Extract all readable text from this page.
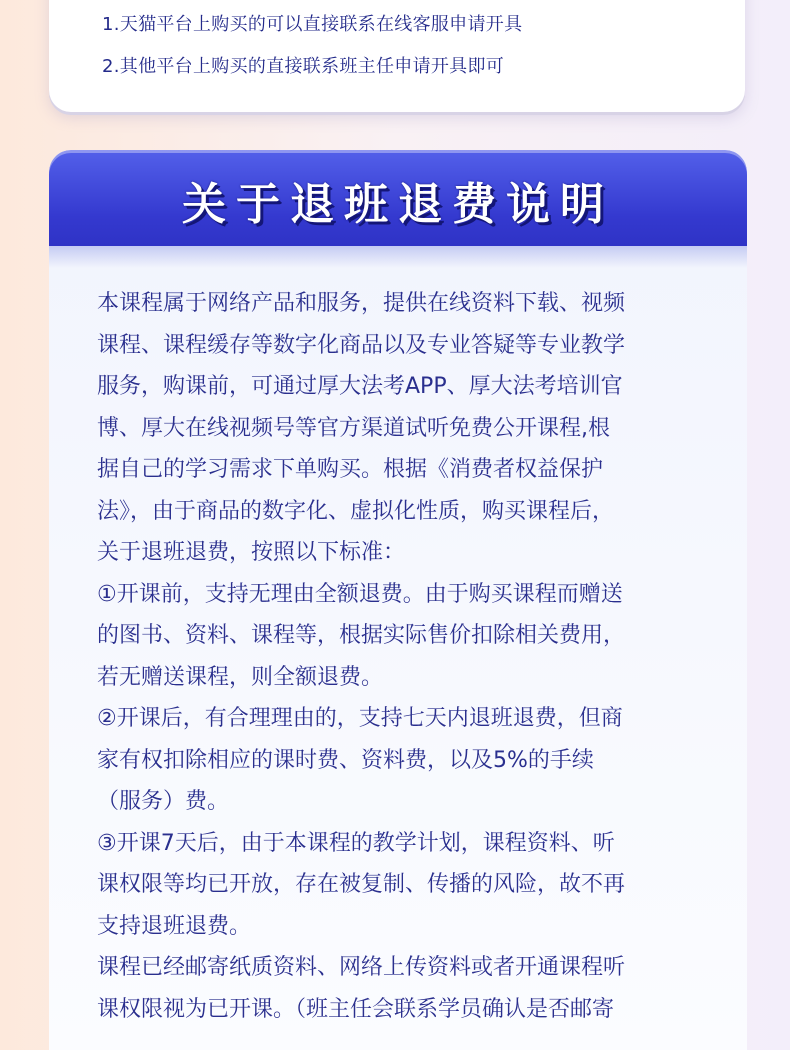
1.天猫平台上购买的可以直接联系在线客服申请开具
2.其他平台上购买的直接联系班主任申请开具即可
关于退班退费说明
本课程属于网络产品和服务，提供在线资料下载、视频
课程、课程缓存等数字化商品以及专业答疑等专业教学
服务，购课前，可通过厚大法考APP、厚大法考培训官
博、厚大在线视频号等官方渠道试听免费公开课程,根
据自己的学习需求下单购买。根据《消费者权益保护
法》，由于商品的数字化、虚拟化性质，购买课程后，
关于退班退费，按照以下标准：
①开课前，支持无理由全额退费。由于购买课程而赠送
的图书、资料、课程等，根据实际售价扣除相关费用，
若无赠送课程，则全额退费。
②开课后，有合理理由的，支持七天内退班退费，但商
家有权扣除相应的课时费、资料费，以及5%的手续
（服务）费。
③开课7天后，由于本课程的教学计划，课程资料、听
课权限等均已开放，存在被复制、传播的风险，故不再
支持退班退费。
课程已经邮寄纸质资料、网络上传资料或者开通课程听
课权限视为已开课。（班主任会联系学员确认是否邮寄
